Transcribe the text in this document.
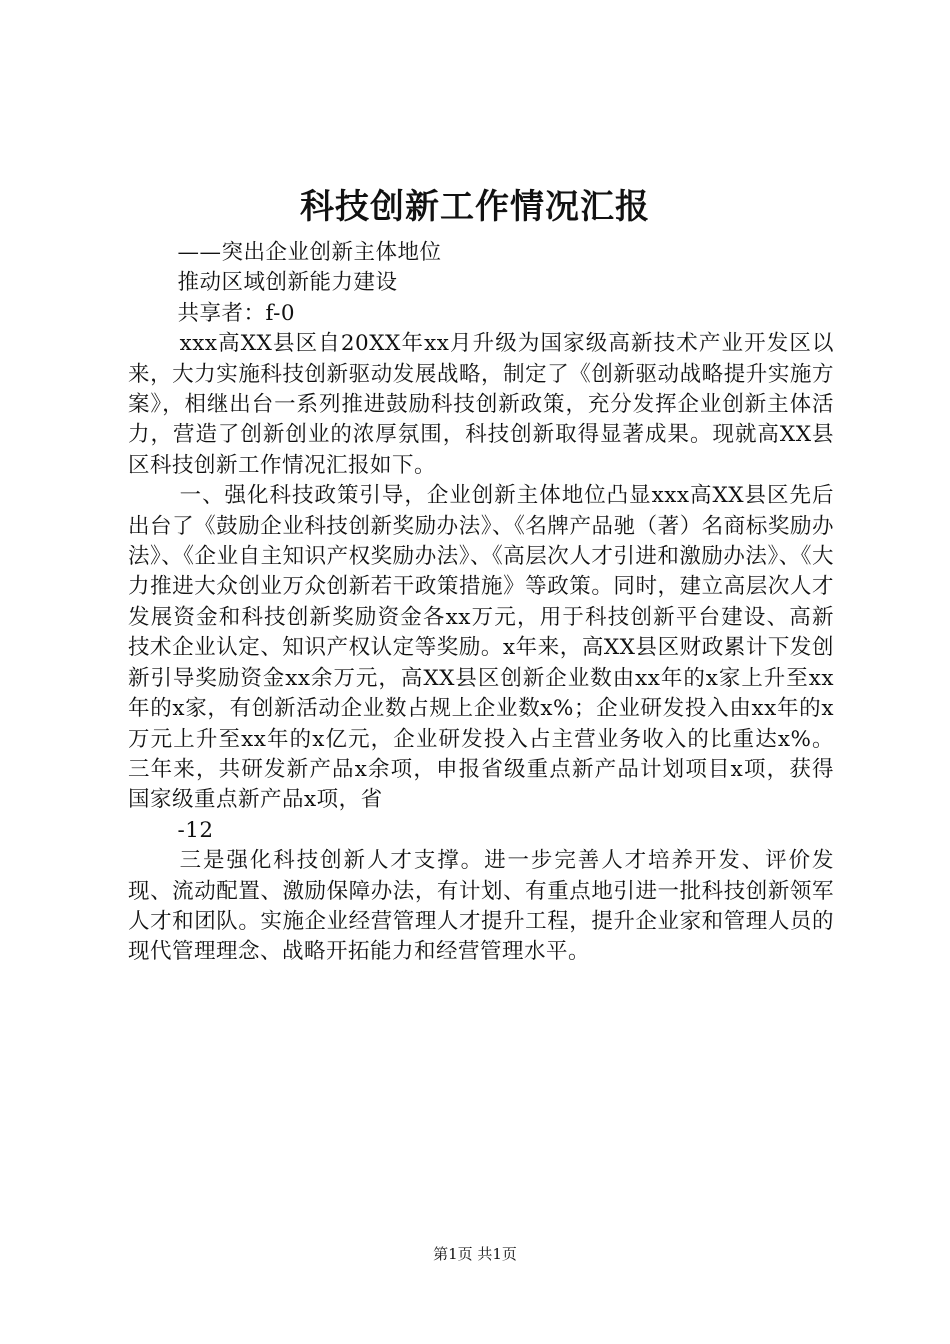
科技创新工作情况汇报

——突出企业创新主体地位

推动区域创新能力建设

共享者：f-0

xxx高XX县区自20XX年xx月升级为国家级高新技术产业开发区以来，大力实施科技创新驱动发展战略，制定了《创新驱动战略提升实施方案》，相继出台一系列推进鼓励科技创新政策，充分发挥企业创新主体活力，营造了创新创业的浓厚氛围，科技创新取得显著成果。现就高XX县区科技创新工作情况汇报如下。

一、强化科技政策引导，企业创新主体地位凸显xxx高XX县区先后出台了《鼓励企业科技创新奖励办法》、《名牌产品驰（著）名商标奖励办法》、《企业自主知识产权奖励办法》、《高层次人才引进和激励办法》、《大力推进大众创业万众创新若干政策措施》等政策。同时，建立高层次人才发展资金和科技创新奖励资金各xx万元，用于科技创新平台建设、高新技术企业认定、知识产权认定等奖励。x年来，高XX县区财政累计下发创新引导奖励资金xx余万元，高XX县区创新企业数由xx年的x家上升至xx年的x家，有创新活动企业数占规上企业数x%；企业研发投入由xx年的x万元上升至xx年的x亿元，企业研发投入占主营业务收入的比重达x%。三年来，共研发新产品x余项，申报省级重点新产品计划项目x项，获得国家级重点新产品x项，省

-12

三是强化科技创新人才支撑。进一步完善人才培养开发、评价发现、流动配置、激励保障办法，有计划、有重点地引进一批科技创新领军人才和团队。实施企业经营管理人才提升工程，提升企业家和管理人员的现代管理理念、战略开拓能力和经营管理水平。

第1页 共1页
